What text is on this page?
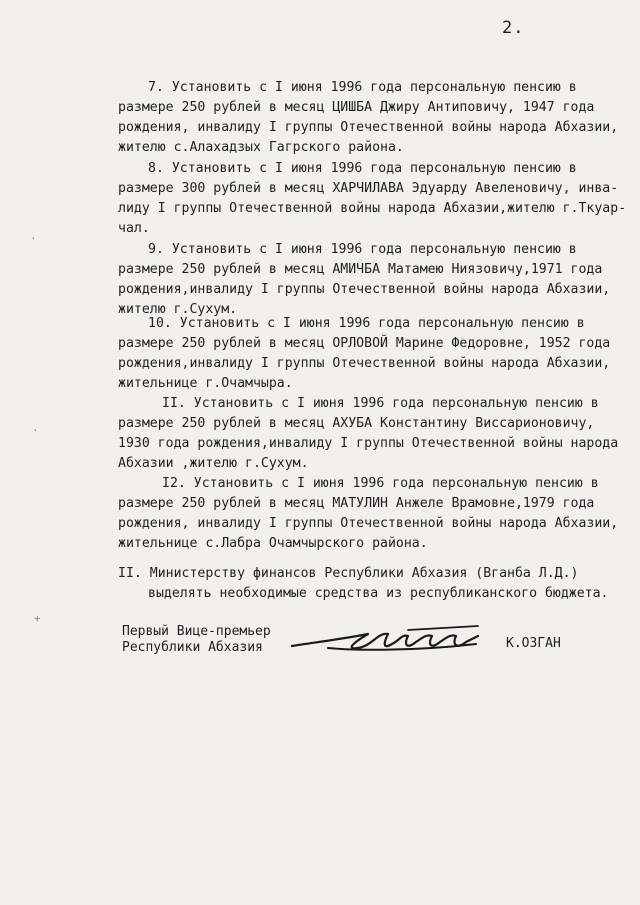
2.
7. Установить с I июня 1996 года персональную пенсию в
размере 250 рублей в месяц ЦИШБА Джиру Антиповичу, 1947 года
рождения, инвалиду I группы Отечественной войны народа Абхазии,
жителю с.Алахадзых Гагрского района.
8. Установить с I июня 1996 года персональную пенсию в
размере 300 рублей в месяц ХАРЧИЛАВА Эдуарду Авеленовичу, инва-
лиду I группы Отечественной войны народа Абхазии,жителю г.Ткуар-
чал.
9. Установить с I июня 1996 года персональную пенсию в
размере 250 рублей в месяц АМИЧБА Матамею Ниязовичу,1971 года
рождения,инвалиду I группы Отечественной войны народа Абхазии,
жителю г.Сухум.
10. Установить с I июня 1996 года персональную пенсию в
размере 250 рублей в месяц ОРЛОВОЙ Марине Федоровне, 1952 года
рождения,инвалиду I группы Отечественной войны народа Абхазии,
жительнице г.Очамчыра.
II. Установить с I июня 1996 года персональную пенсию в
размере 250 рублей в месяц АХУБА Константину Виссарионовичу,
1930 года рождения,инвалиду I группы Отечественной войны народа
Абхазии ,жителю г.Сухум.
I2. Установить с I июня 1996 года персональную пенсию в
размере 250 рублей в месяц МАТУЛИН Анжеле Врамовне,1979 года
рождения, инвалиду I группы Отечественной войны народа Абхазии,
жительнице с.Лабра Очамчырского района.
II. Министерству финансов Республики Абхазия (Вганба Л.Д.)
выделять необходимые средства из республиканского бюджета.
Первый Вице-премьер
Республики Абхазия	К.ОЗГАН
·
·
+
